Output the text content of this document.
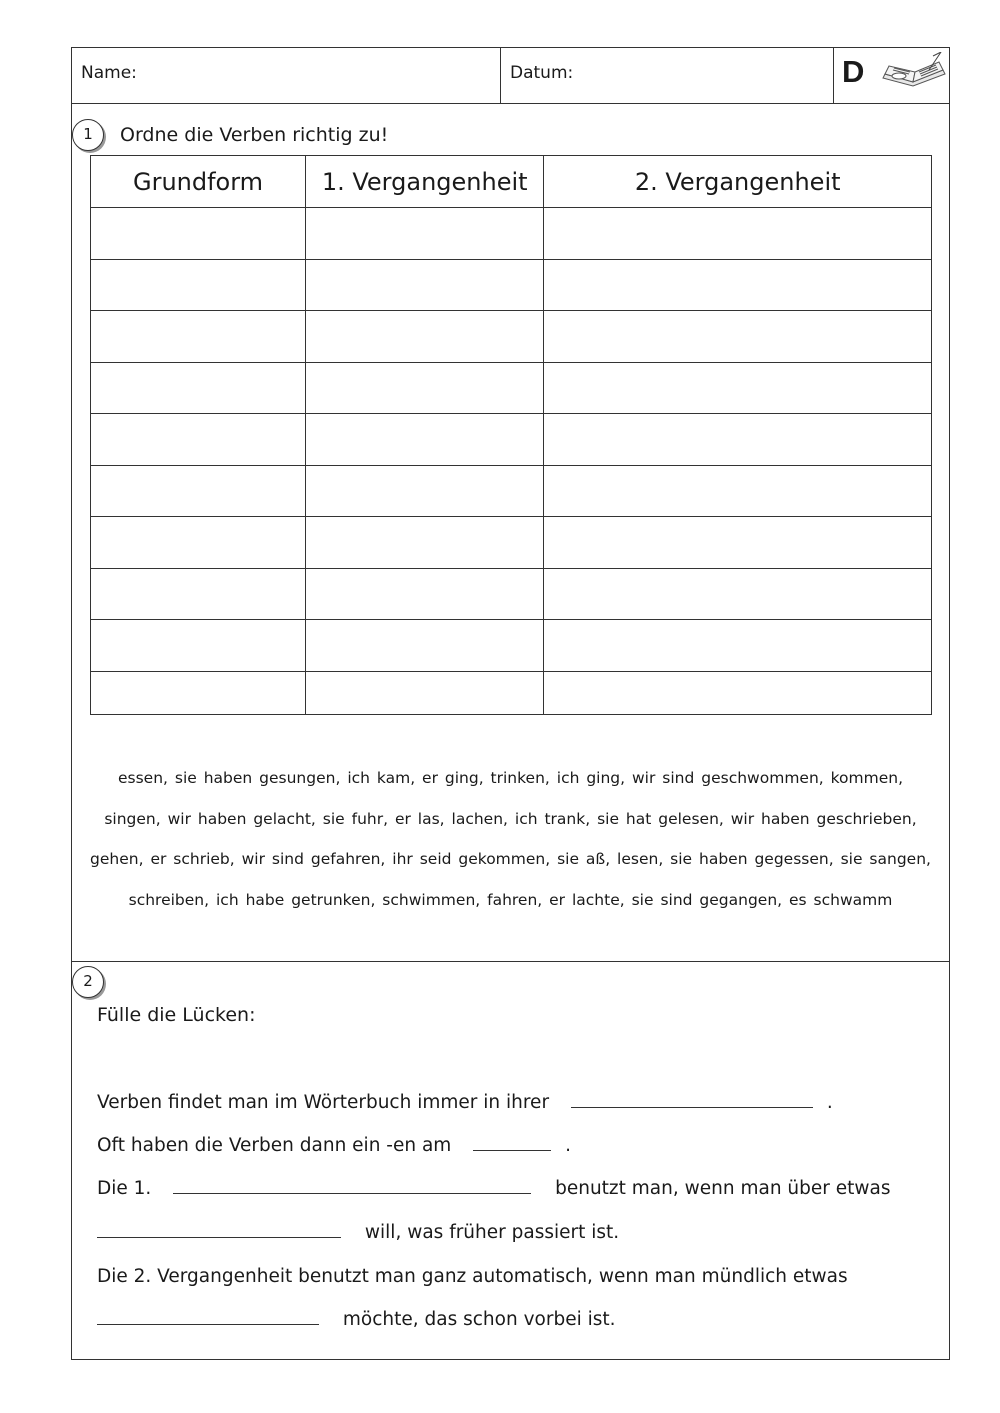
Name:	Datum:	D
1	Ordne die Verben richtig zu!
Grundform	1. Vergangenheit	2. Vergangenheit

essen, sie haben gesungen, ich kam, er ging, trinken, ich ging, wir sind geschwommen, kommen,
singen, wir haben gelacht, sie fuhr, er las, lachen, ich trank, sie hat gelesen, wir haben geschrieben,
gehen, er schrieb, wir sind gefahren, ihr seid gekommen, sie aß, lesen, sie haben gegessen, sie sangen,
schreiben, ich habe getrunken, schwimmen, fahren, er lachte, sie sind gegangen, es schwamm
2
Fülle die Lücken:
Verben findet man im Wörterbuch immer in ihrer	.
Oft haben die Verben dann ein -en am	.
Die 1.	benutzt man, wenn man über etwas
will, was früher passiert ist.
Die 2. Vergangenheit benutzt man ganz automatisch, wenn man mündlich etwas
möchte, das schon vorbei ist.
